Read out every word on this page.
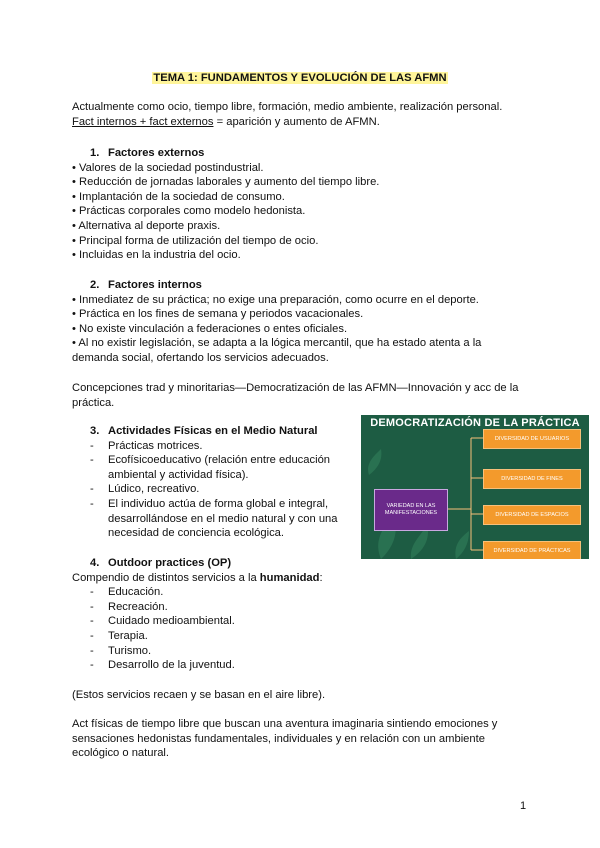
TEMA 1: FUNDAMENTOS Y EVOLUCIÓN DE LAS AFMN

Actualmente como ocio, tiempo libre, formación, medio ambiente, realización personal.

Fact internos + fact externos = aparición y aumento de AFMN.

1. Factores externos
• Valores de la sociedad postindustrial.
• Reducción de jornadas laborales y aumento del tiempo libre.
• Implantación de la sociedad de consumo.
• Prácticas corporales como modelo hedonista.
• Alternativa al deporte praxis.
• Principal forma de utilización del tiempo de ocio.
• Incluidas en la industria del ocio.
2. Factores internos
• Inmediatez de su práctica; no exige una preparación, como ocurre en el deporte.
• Práctica en los fines de semana y periodos vacacionales.
• No existe vinculación a federaciones o entes oficiales.
• Al no existir legislación, se adapta a la lógica mercantil, que ha estado atenta a la demanda social, ofertando los servicios adecuados.

Concepciones trad y minoritarias—Democratización de las AFMN—Innovación y acc de la práctica.

3. Actividades Físicas en el Medio Natural
- Prácticas motrices.
- Ecofísicoeducativo (relación entre educación ambiental y actividad física).
- Lúdico, recreativo.
- El individuo actúa de forma global e integral, desarrollándose en el medio natural y con una necesidad de conciencia ecológica.
DEMOCRATIZACIÓN DE LA PRÁCTICA
VARIEDAD EN LAS MANIFESTACIONES
DIVERSIDAD DE USUARIOS
DIVERSIDAD DE FINES
DIVERSIDAD DE ESPACIOS
DIVERSIDAD DE PRÁCTICAS
4. Outdoor practices (OP)

Compendio de distintos servicios a la humanidad:

- Educación.
- Recreación.
- Cuidado medioambiental.
- Terapia.
- Turismo.
- Desarrollo de la juventud.

(Estos servicios recaen y se basan en el aire libre).

Act físicas de tiempo libre que buscan una aventura imaginaria sintiendo emociones y sensaciones hedonistas fundamentales, individuales y en relación con un ambiente ecológico o natural.

1
